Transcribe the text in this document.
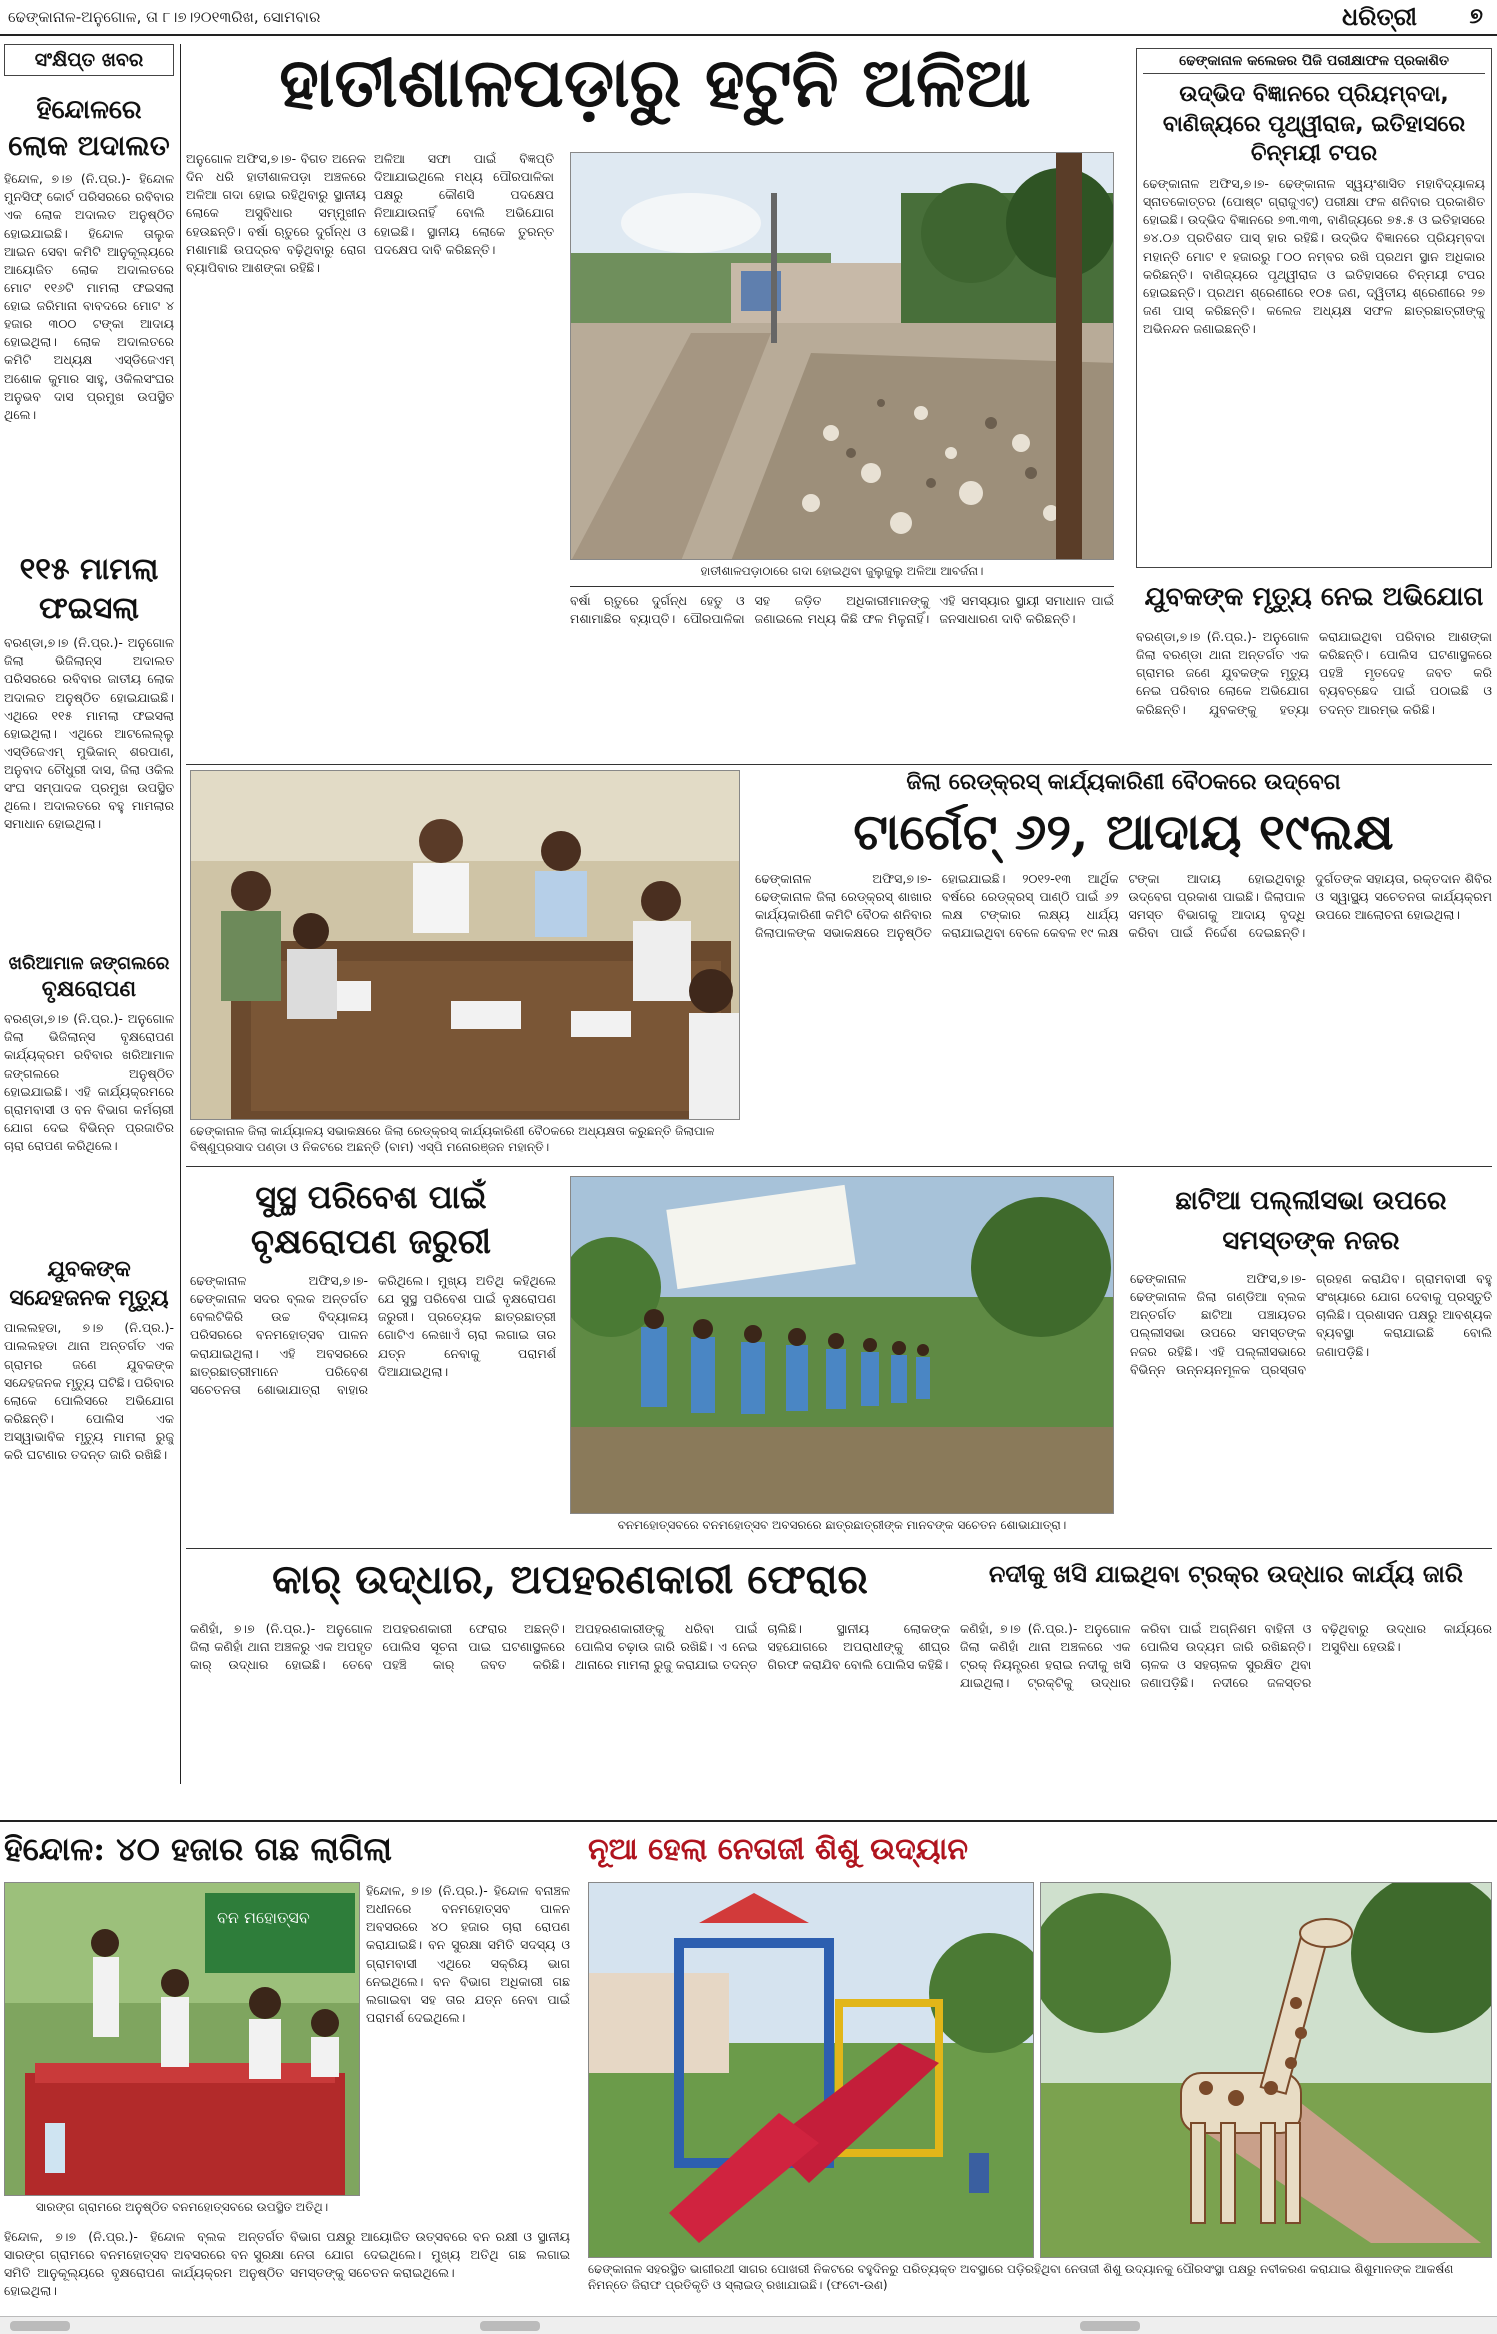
ଢେଙ୍କାନାଳ-ଅନୁଗୋଳ, ତା ୮।୭।୨୦୧୩ରିଖ, ସୋମବାର	ଧରିତ୍ରୀ ୭
ସଂକ୍ଷିପ୍ତ ଖବର
ହିନ୍ଦୋଳରେ
ଲୋକ ଅଦାଲତ
ହିନ୍ଦୋଳ, ୭।୭ (ନି.ପ୍ର.)- ହିନ୍ଦୋଳ ମୁନସିଫ୍ କୋର୍ଟ ପରିସରରେ ରବିବାର ଏକ ଲୋକ ଅଦାଲତ ଅନୁଷ୍ଠିତ ହୋଇଯାଇଛି। ହିନ୍ଦୋଳ ତାଲୁକ ଆଇନ ସେବା କମିଟି ଆନୁକୂଲ୍ୟରେ ଆୟୋଜିତ ଲୋକ ଅଦାଲତରେ ମୋଟ ୧୧୬ଟି ମାମଲା ଫଇସଲା ହୋଇ ଜରିମାନା ବାବଦରେ ମୋଟ ୪ ହଜାର ୩୦୦ ଟଙ୍କା ଆଦାୟ ହୋଇଥିଲା। ଲୋକ ଅଦାଲତରେ କମିଟି ଅଧ୍ୟକ୍ଷ ଏସ୍‌ଡିଜେଏମ୍ ଅଶୋକ କୁମାର ସାହୁ, ଓକିଲସଂଘର ଅନୁଭବ ଦାସ ପ୍ରମୁଖ ଉପସ୍ଥିତ ଥିଲେ।
୧୧୫ ମାମଲା
ଫଇସଲା
ବରଣ୍ଡା,୭।୭ (ନି.ପ୍ର.)- ଅନୁଗୋଳ ଜିଲା ଭିଜିଲାନ୍ସ ଅଦାଲତ ପରିସରରେ ରବିବାର ଜାତୀୟ ଲୋକ ଅଦାଲତ ଅନୁଷ୍ଠିତ ହୋଇଯାଇଛି। ଏଥିରେ ୧୧୫ ମାମଲା ଫଇସଲା ହୋଇଥିଲା। ଏଥିରେ ଆଟଲେଲ୍ଲୁ ଏସ୍‌ଡିଜେଏମ୍ ମୁଭିକାନ୍ ଶରପାଣ, ଅନୁବାଦ ଚୌଧୁରୀ ଦାସ, ଜିଲା ଓକିଲ ସଂଘ ସମ୍ପାଦକ ପ୍ରମୁଖ ଉପସ୍ଥିତ ଥିଲେ। ଅଦାଲତରେ ବହୁ ମାମଲାର ସମାଧାନ ହୋଇଥିଲା।
ଖରିଆମାଳ ଜଙ୍ଗଲରେ
ବୃକ୍ଷରୋପଣ
ବରଣ୍ଡା,୭।୭ (ନି.ପ୍ର.)- ଅନୁଗୋଳ ଜିଲା ଭିଜିଲାନ୍ସ ବୃକ୍ଷରୋପଣ କାର୍ଯ୍ୟକ୍ରମ ରବିବାର ଖରିଆମାଳ ଜଙ୍ଗଲରେ ଅନୁଷ୍ଠିତ ହୋଇଯାଇଛି। ଏହି କାର୍ଯ୍ୟକ୍ରମରେ ଗ୍ରାମବାସୀ ଓ ବନ ବିଭାଗ କର୍ମଚାରୀ ଯୋଗ ଦେଇ ବିଭିନ୍ନ ପ୍ରଜାତିର ଚାରା ରୋପଣ କରିଥିଲେ।
ଯୁବକଙ୍କ
ସନ୍ଦେହଜନକ ମୃତ୍ୟୁ
ପାଲଲହଡା, ୭।୭ (ନି.ପ୍ର.)- ପାଲଲହଡା ଥାନା ଅନ୍ତର୍ଗତ ଏକ ଗ୍ରାମର ଜଣେ ଯୁବକଙ୍କ ସନ୍ଦେହଜନକ ମୃତ୍ୟୁ ଘଟିଛି। ପରିବାର ଲୋକେ ପୋଲିସରେ ଅଭିଯୋଗ କରିଛନ୍ତି। ପୋଲିସ ଏକ ଅସ୍ୱାଭାବିକ ମୃତ୍ୟୁ ମାମଲା ରୁଜୁ କରି ଘଟଣାର ତଦନ୍ତ ଜାରି ରଖିଛି।
ହାତୀଶାଳପଡ଼ାରୁ ହଟୁନି ଅଳିଆ
ଅନୁଗୋଳ ଅଫିସ,୭।୭- ବିଗତ ଅନେକ ଦିନ ଧରି ହାତୀଶାଳପଡ଼ା ଅଞ୍ଚଳରେ ଅଳିଆ ଗଦା ହୋଇ ରହିଥିବାରୁ ସ୍ଥାନୀୟ ଲୋକେ ଅସୁବିଧାର ସମ୍ମୁଖୀନ ହେଉଛନ୍ତି। ବର୍ଷା ଋତୁରେ ଦୁର୍ଗନ୍ଧ ଓ ମଶାମାଛି ଉପଦ୍ରବ ବଢ଼ିଥିବାରୁ ରୋଗ ବ୍ୟାପିବାର ଆଶଙ୍କା ରହିଛି।
ଅଳିଆ ସଫା ପାଇଁ ବିଜ୍ଞପ୍ତି ଦିଆଯାଇଥିଲେ ମଧ୍ୟ ପୌରପାଳିକା ପକ୍ଷରୁ କୌଣସି ପଦକ୍ଷେପ ନିଆଯାଉନାହିଁ ବୋଲି ଅଭିଯୋଗ ହୋଇଛି। ସ୍ଥାନୀୟ ଲୋକେ ତୁରନ୍ତ ପଦକ୍ଷେପ ଦାବି କରିଛନ୍ତି।
ହାତୀଶାଳପଡ଼ାଠାରେ ଗଦା ହୋଇଥିବା ଜୁଲୁଜୁଲୁ ଅଳିଆ ଆବର୍ଜନା।
ବର୍ଷା ଋତୁରେ ଦୁର୍ଗନ୍ଧ ହେତୁ ଓ ମଶାମାଛିର ବ୍ୟାପ୍ତି। ପୌରପାଳିକା ସହ ଜଡ଼ିତ ଅଧିକାରୀମାନଙ୍କୁ ଜଣାଇଲେ ମଧ୍ୟ କିଛି ଫଳ ମିଳୁନାହିଁ। ଏହି ସମସ୍ୟାର ସ୍ଥାୟୀ ସମାଧାନ ପାଇଁ ଜନସାଧାରଣ ଦାବି କରିଛନ୍ତି।
ଢେଙ୍କାନାଳ କଲେଜର ପିଜି ପରୀକ୍ଷାଫଳ ପ୍ରକାଶିତ
ଉଦ୍ଭିଦ ବିଜ୍ଞାନରେ ପ୍ରିୟମ୍ବଦା, ବାଣିଜ୍ୟରେ ପୃଥ୍ୱୀରାଜ, ଇତିହାସରେ ଚିନ୍ମୟୀ ଟପର
ଢେଙ୍କାନାଳ ଅଫିସ,୭।୭- ଢେଙ୍କାନାଳ ସ୍ୱୟଂଶାସିତ ମହାବିଦ୍ୟାଳୟ ସ୍ନାତକୋତ୍ତର (ପୋଷ୍ଟ ଗ୍ରାଜୁଏଟ୍) ପରୀକ୍ଷା ଫଳ ଶନିବାର ପ୍ରକାଶିତ ହୋଇଛି। ଉଦ୍ଭିଦ ବିଜ୍ଞାନରେ ୭୩.୩୩, ବାଣିଜ୍ୟରେ ୭୫.୫ ଓ ଇତିହାସରେ ୭୪.୦୬ ପ୍ରତିଶତ ପାସ୍ ହାର ରହିଛି। ଉଦ୍ଭିଦ ବିଜ୍ଞାନରେ ପ୍ରିୟମ୍ବଦା ମହାନ୍ତି ମୋଟ ୧ ହଜାରରୁ ୮୦୦ ନମ୍ବର ରଖି ପ୍ରଥମ ସ୍ଥାନ ଅଧିକାର କରିଛନ୍ତି। ବାଣିଜ୍ୟରେ ପୃଥ୍ୱୀରାଜ ଓ ଇତିହାସରେ ଚିନ୍ମୟୀ ଟପର ହୋଇଛନ୍ତି। ପ୍ରଥମ ଶ୍ରେଣୀରେ ୧୦୫ ଜଣ, ଦ୍ୱିତୀୟ ଶ୍ରେଣୀରେ ୨୭ ଜଣ ପାସ୍ କରିଛନ୍ତି। କଲେଜ ଅଧ୍ୟକ୍ଷ ସଫଳ ଛାତ୍ରଛାତ୍ରୀଙ୍କୁ ଅଭିନନ୍ଦନ ଜଣାଇଛନ୍ତି।
ଯୁବକଙ୍କ ମୃତ୍ୟୁ ନେଇ ଅଭିଯୋଗ
ବରଣ୍ଡା,୭।୭ (ନି.ପ୍ର.)- ଅନୁଗୋଳ ଜିଲା ବରଣ୍ଡା ଥାନା ଅନ୍ତର୍ଗତ ଏକ ଗ୍ରାମର ଜଣେ ଯୁବକଙ୍କ ମୃତ୍ୟୁ ନେଇ ପରିବାର ଲୋକେ ଅଭିଯୋଗ କରିଛନ୍ତି। ଯୁବକଙ୍କୁ ହତ୍ୟା କରାଯାଇଥିବା ପରିବାର ଆଶଙ୍କା କରିଛନ୍ତି। ପୋଲିସ ଘଟଣାସ୍ଥଳରେ ପହଞ୍ଚି ମୃତଦେହ ଜବତ କରି ବ୍ୟବଚ୍ଛେଦ ପାଇଁ ପଠାଇଛି ଓ ତଦନ୍ତ ଆରମ୍ଭ କରିଛି।
ଢେଙ୍କାନାଳ ଜିଲା କାର୍ଯ୍ୟାଳୟ ସଭାକକ୍ଷରେ ଜିଲା ରେଡ୍‌କ୍ରସ୍ କାର୍ଯ୍ୟକାରିଣୀ ବୈଠକରେ ଅଧ୍ୟକ୍ଷତା କରୁଛନ୍ତି ଜିଲାପାଳ ବିଷ୍ଣୁପ୍ରସାଦ ପଣ୍ଡା ଓ ନିକଟରେ ଅଛନ୍ତି (ବାମ) ଏସ୍‌ପି ମନୋରଞ୍ଜନ ମହାନ୍ତି।
ଜିଲା ରେଡ୍‌କ୍ରସ୍ କାର୍ଯ୍ୟକାରିଣୀ ବୈଠକରେ ଉଦ୍‌ବେଗ
ଟାର୍ଗେଟ୍ ୬୨, ଆଦାୟ ୧୯ଲକ୍ଷ
ଢେଙ୍କାନାଳ ଅଫିସ,୭।୭- ଢେଙ୍କାନାଳ ଜିଲା ରେଡ୍‌କ୍ରସ୍ ଶାଖାର କାର୍ଯ୍ୟକାରିଣୀ କମିଟି ବୈଠକ ଶନିବାର ଜିଲାପାଳଙ୍କ ସଭାକକ୍ଷରେ ଅନୁଷ୍ଠିତ ହୋଇଯାଇଛି। ୨୦୧୨-୧୩ ଆର୍ଥିକ ବର୍ଷରେ ରେଡ୍‌କ୍ରସ୍ ପାଣ୍ଠି ପାଇଁ ୬୨ ଲକ୍ଷ ଟଙ୍କାର ଲକ୍ଷ୍ୟ ଧାର୍ଯ୍ୟ କରାଯାଇଥିବା ବେଳେ କେବଳ ୧୯ ଲକ୍ଷ ଟଙ୍କା ଆଦାୟ ହୋଇଥିବାରୁ ଉଦ୍‌ବେଗ ପ୍ରକାଶ ପାଇଛି। ଜିଲାପାଳ ସମସ୍ତ ବିଭାଗକୁ ଆଦାୟ ବୃଦ୍ଧି କରିବା ପାଇଁ ନିର୍ଦ୍ଦେଶ ଦେଇଛନ୍ତି। ଦୁର୍ଗତଙ୍କ ସହାୟତା, ରକ୍ତଦାନ ଶିବିର ଓ ସ୍ୱାସ୍ଥ୍ୟ ସଚେତନତା କାର୍ଯ୍ୟକ୍ରମ ଉପରେ ଆଲୋଚନା ହୋଇଥିଲା।
ସୁସ୍ଥ ପରିବେଶ ପାଇଁ
ବୃକ୍ଷରୋପଣ ଜରୁରୀ
ଢେଙ୍କାନାଳ ଅଫିସ,୭।୭- ଢେଙ୍କାନାଳ ସଦର ବ୍ଲକ ଅନ୍ତର୍ଗତ ବେଲଟିକିରି ଉଚ୍ଚ ବିଦ୍ୟାଳୟ ପରିସରରେ ବନମହୋତ୍ସବ ପାଳନ କରାଯାଇଥିଲା। ଏହି ଅବସରରେ ଛାତ୍ରଛାତ୍ରୀମାନେ ପରିବେଶ ସଚେତନତା ଶୋଭାଯାତ୍ରା ବାହାର କରିଥିଲେ। ମୁଖ୍ୟ ଅତିଥି କହିଥିଲେ ଯେ ସୁସ୍ଥ ପରିବେଶ ପାଇଁ ବୃକ୍ଷରୋପଣ ଜରୁରୀ। ପ୍ରତ୍ୟେକ ଛାତ୍ରଛାତ୍ରୀ ଗୋଟିଏ ଲେଖାଏଁ ଚାରା ଲଗାଇ ତାର ଯତ୍ନ ନେବାକୁ ପରାମର୍ଶ ଦିଆଯାଇଥିଲା।
ବନମହୋତ୍ସବରେ ବନମହୋତ୍ସବ ଅବସରରେ ଛାତ୍ରଛାତ୍ରୀଙ୍କ ମାନବଙ୍କ ସଚେତନ ଶୋଭାଯାତ୍ରା।
ଛାଟିଆ ପଲ୍ଲୀସଭା ଉପରେ
ସମସ୍ତଙ୍କ ନଜର
ଢେଙ୍କାନାଳ ଅଫିସ,୭।୭- ଢେଙ୍କାନାଳ ଜିଲା ଗଣ୍ଡିଆ ବ୍ଲକ ଅନ୍ତର୍ଗତ ଛାଟିଆ ପଞ୍ଚାୟତର ପଲ୍ଲୀସଭା ଉପରେ ସମସ୍ତଙ୍କ ନଜର ରହିଛି। ଏହି ପଲ୍ଲୀସଭାରେ ବିଭିନ୍ନ ଉନ୍ନୟନମୂଳକ ପ୍ରସ୍ତାବ ଗ୍ରହଣ କରାଯିବ। ଗ୍ରାମବାସୀ ବହୁ ସଂଖ୍ୟାରେ ଯୋଗ ଦେବାକୁ ପ୍ରସ୍ତୁତି ଚାଲିଛି। ପ୍ରଶାସନ ପକ୍ଷରୁ ଆବଶ୍ୟକ ବ୍ୟବସ୍ଥା କରାଯାଇଛି ବୋଲି ଜଣାପଡ଼ିଛି।
କାର୍ ଉଦ୍ଧାର, ଅପହରଣକାରୀ ଫେରାର
କଣିହାଁ, ୭।୭ (ନି.ପ୍ର.)- ଅନୁଗୋଳ ଜିଲା କଣିହାଁ ଥାନା ଅଞ୍ଚଳରୁ ଏକ ଅପହୃତ କାର୍ ଉଦ୍ଧାର ହୋଇଛି। ତେବେ ଅପହରଣକାରୀ ଫେରାର ଅଛନ୍ତି। ପୋଲିସ ସୂଚନା ପାଇ ଘଟଣାସ୍ଥଳରେ ପହଞ୍ଚି କାର୍ ଜବତ କରିଛି। ଅପହରଣକାରୀଙ୍କୁ ଧରିବା ପାଇଁ ପୋଲିସ ଚଢ଼ାଉ ଜାରି ରଖିଛି। ଏ ନେଇ ଥାନାରେ ମାମଲା ରୁଜୁ କରାଯାଇ ତଦନ୍ତ ଚାଲିଛି। ସ୍ଥାନୀୟ ଲୋକଙ୍କ ସହଯୋଗରେ ଅପରାଧୀଙ୍କୁ ଶୀଘ୍ର ଗିରଫ କରାଯିବ ବୋଲି ପୋଲିସ କହିଛି।
ନଦୀକୁ ଖସି ଯାଇଥିବା ଟ୍ରକ୍‌ର ଉଦ୍ଧାର କାର୍ଯ୍ୟ ଜାରି
କଣିହାଁ, ୭।୭ (ନି.ପ୍ର.)- ଅନୁଗୋଳ ଜିଲା କଣିହାଁ ଥାନା ଅଞ୍ଚଳରେ ଏକ ଟ୍ରକ୍ ନିୟନ୍ତ୍ରଣ ହରାଇ ନଦୀକୁ ଖସି ଯାଇଥିଲା। ଟ୍ରକ୍‌ଟିକୁ ଉଦ୍ଧାର କରିବା ପାଇଁ ଅଗ୍ନିଶମ ବାହିନୀ ଓ ପୋଲିସ ଉଦ୍ୟମ ଜାରି ରଖିଛନ୍ତି। ଚାଳକ ଓ ସହଚାଳକ ସୁରକ୍ଷିତ ଥିବା ଜଣାପଡ଼ିଛି। ନଦୀରେ ଜଳସ୍ତର ବଢ଼ିଥିବାରୁ ଉଦ୍ଧାର କାର୍ଯ୍ୟରେ ଅସୁବିଧା ହେଉଛି।
ହିନ୍ଦୋଳ: ୪୦ ହଜାର ଗଛ ଲାଗିଲା
ବନ ମହୋତ୍ସବ
ସାରଙ୍ଗ ଗ୍ରାମରେ ଅନୁଷ୍ଠିତ ବନମହୋତ୍ସବରେ ଉପସ୍ଥିତ ଅତିଥି।
ହିନ୍ଦୋଳ, ୭।୭ (ନି.ପ୍ର.)- ହିନ୍ଦୋଳ ବନାଞ୍ଚଳ ଅଧୀନରେ ବନମହୋତ୍ସବ ପାଳନ ଅବସରରେ ୪୦ ହଜାର ଚାରା ରୋପଣ କରାଯାଇଛି। ବନ ସୁରକ୍ଷା ସମିତି ସଦସ୍ୟ ଓ ଗ୍ରାମବାସୀ ଏଥିରେ ସକ୍ରିୟ ଭାଗ ନେଇଥିଲେ। ବନ ବିଭାଗ ଅଧିକାରୀ ଗଛ ଲଗାଇବା ସହ ତାର ଯତ୍ନ ନେବା ପାଇଁ ପରାମର୍ଶ ଦେଇଥିଲେ।
ହିନ୍ଦୋଳ, ୭।୭ (ନି.ପ୍ର.)- ହିନ୍ଦୋଳ ବ୍ଲକ ଅନ୍ତର୍ଗତ ସାରଙ୍ଗ ଗ୍ରାମରେ ବନମହୋତ୍ସବ ଅବସରରେ ବନ ସୁରକ୍ଷା ସମିତି ଆନୁକୂଲ୍ୟରେ ବୃକ୍ଷରୋପଣ କାର୍ଯ୍ୟକ୍ରମ ଅନୁଷ୍ଠିତ ହୋଇଥିଲା।
ବିଭାଗ ପକ୍ଷରୁ ଆୟୋଜିତ ଉତ୍ସବରେ ବନ ରକ୍ଷୀ ଓ ସ୍ଥାନୀୟ ନେତା ଯୋଗ ଦେଇଥିଲେ। ମୁଖ୍ୟ ଅତିଥି ଗଛ ଲଗାଇ ସମସ୍ତଙ୍କୁ ସଚେତନ କରାଇଥିଲେ।
ନୂଆ ହେଲା ନେତାଜୀ ଶିଶୁ ଉଦ୍ୟାନ
ଢେଙ୍କାନାଳ ସହରସ୍ଥିତ ଭାଗୀରଥୀ ସାଗର ପୋଖରୀ ନିକଟରେ ବହୁଦିନରୁ ପରିତ୍ୟକ୍ତ ଅବସ୍ଥାରେ ପଡ଼ିରହିଥିବା ନେତାଜୀ ଶିଶୁ ଉଦ୍ୟାନକୁ ପୌରସଂସ୍ଥା ପକ୍ଷରୁ ନବୀକରଣ କରାଯାଇ ଶିଶୁମାନଙ୍କ ଆକର୍ଷଣ ନିମନ୍ତେ ଜିରାଫ ପ୍ରତିକୃତି ଓ ସ୍ଲାଇଡ୍ ରଖାଯାଇଛି। (ଫଟୋ-ଉଣ)
